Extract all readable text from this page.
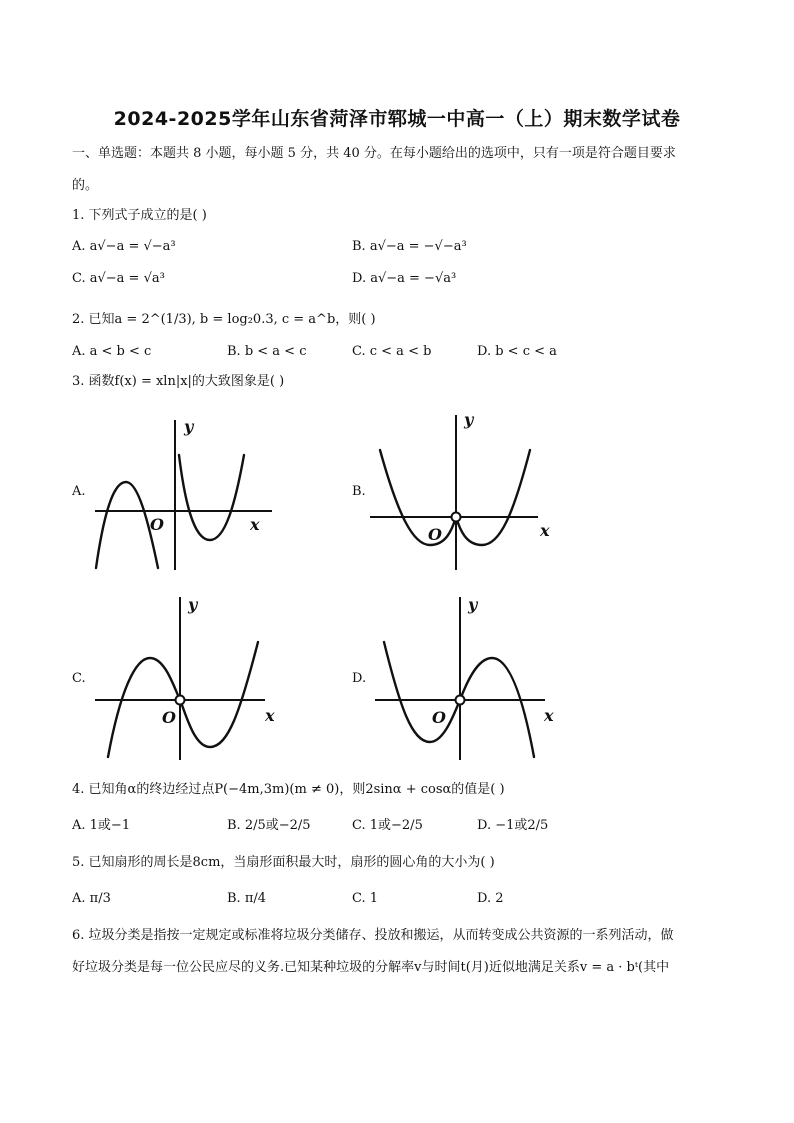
2024-2025学年山东省菏泽市郓城一中高一（上）期末数学试卷
一、单选题：本题共 8 小题，每小题 5 分，共 40 分。在每小题给出的选项中，只有一项是符合题目要求
的。
1. 下列式子成立的是( )
A. a√−a = √−a³	B. a√−a = −√−a³
C. a√−a = √a³	D. a√−a = −√a³
2. 已知a = 2^(1/3), b = log₂0.3, c = a^b，则( )
A. a < b < c	B. b < a < c	C. c < a < b	D. b < c < a
3. 函数f(x) = xln|x|的大致图象是( )
A.
y
x
O
B.
y
x
O
C.
y
x
O
D.
y
x
O
4. 已知角α的终边经过点P(−4m,3m)(m ≠ 0)，则2sinα + cosα的值是( )
A. 1或−1	B. 2/5或−2/5	C. 1或−2/5	D. −1或2/5
5. 已知扇形的周长是8cm，当扇形面积最大时，扇形的圆心角的大小为( )
A. π/3	B. π/4	C. 1	D. 2
6. 垃圾分类是指按一定规定或标准将垃圾分类储存、投放和搬运，从而转变成公共资源的一系列活动，做
好垃圾分类是每一位公民应尽的义务.已知某种垃圾的分解率v与时间t(月)近似地满足关系v = a · bᵗ(其中
